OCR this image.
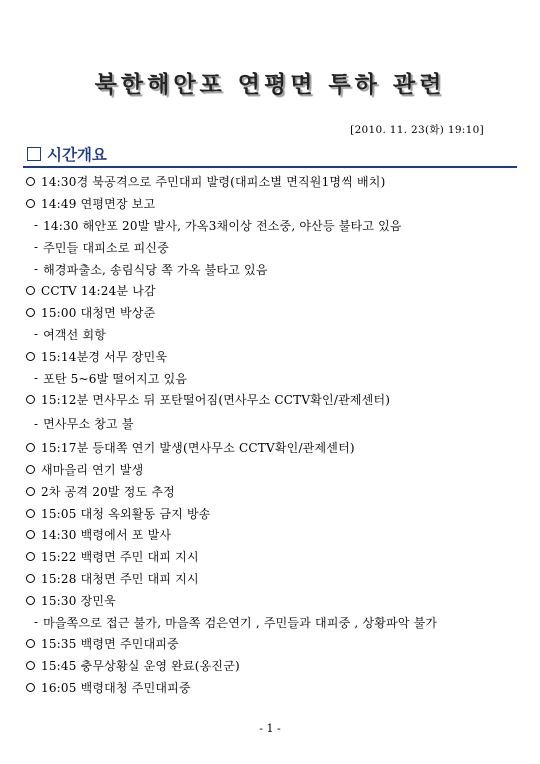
북한해안포 연평면 투하 관련
[2010. 11. 23(화) 19:10]
시간개요
14:30경 북공격으로 주민대피 발령(대피소별 면직원1명씩 배치)
14:49 연평면장 보고
- 14:30 해안포 20발 발사, 가옥3채이상 전소중, 야산등 불타고 있음
- 주민들 대피소로 피신중
- 해경파출소, 송림식당 쪽 가옥 불타고 있음
CCTV 14:24분 나감
15:00 대청면 박상준
- 여객선 회항
15:14분경 서무 장민욱
- 포탄 5~6발 떨어지고 있음
15:12분 면사무소 뒤 포탄떨어짐(면사무소 CCTV확인/관제센터)
- 면사무소 창고 불
15:17분 등대쪽 연기 발생(면사무소 CCTV확인/관제센터)
새마을리 연기 발생
2차 공격 20발 정도 추정
15:05 대청 옥외활동 금지 방송
14:30 백령에서 포 발사
15:22 백령면 주민 대피 지시
15:28 대청면 주민 대피 지시
15:30 장민욱
- 마을쪽으로 접근 불가, 마을쪽 검은연기 , 주민들과 대피중 , 상황파악 불가
15:35 백령면 주민대피중
15:45 충무상황실 운영 완료(옹진군)
16:05 백령대청 주민대피중
- 1 -
